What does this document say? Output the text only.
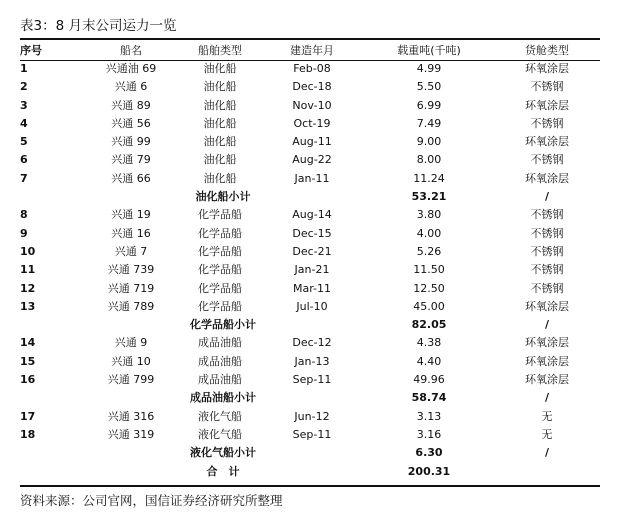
表3：8 月末公司运力一览
序号	船名	船舶类型	建造年月	载重吨(千吨)	货舱类型
1	兴通油 69	油化船	Feb-08	4.99	环氧涂层
2	兴通 6	油化船	Dec-18	5.50	不锈钢
3	兴通 89	油化船	Nov-10	6.99	环氧涂层
4	兴通 56	油化船	Oct-19	7.49	不锈钢
5	兴通 99	油化船	Aug-11	9.00	环氧涂层
6	兴通 79	油化船	Aug-22	8.00	不锈钢
7	兴通 66	油化船	Jan-11	11.24	环氧涂层
	油化船小计			53.21	/
8	兴通 19	化学品船	Aug-14	3.80	不锈钢
9	兴通 16	化学品船	Dec-15	4.00	不锈钢
10	兴通 7	化学品船	Dec-21	5.26	不锈钢
11	兴通 739	化学品船	Jan-21	11.50	不锈钢
12	兴通 719	化学品船	Mar-11	12.50	不锈钢
13	兴通 789	化学品船	Jul-10	45.00	环氧涂层
	化学品船小计			82.05	/
14	兴通 9	成品油船	Dec-12	4.38	环氧涂层
15	兴通 10	成品油船	Jan-13	4.40	环氧涂层
16	兴通 799	成品油船	Sep-11	49.96	环氧涂层
	成品油船小计			58.74	/
17	兴通 316	液化气船	Jun-12	3.13	无
18	兴通 319	液化气船	Sep-11	3.16	无
	液化气船小计			6.30	/
	合　计			200.31	
资料来源：公司官网，国信证券经济研究所整理
